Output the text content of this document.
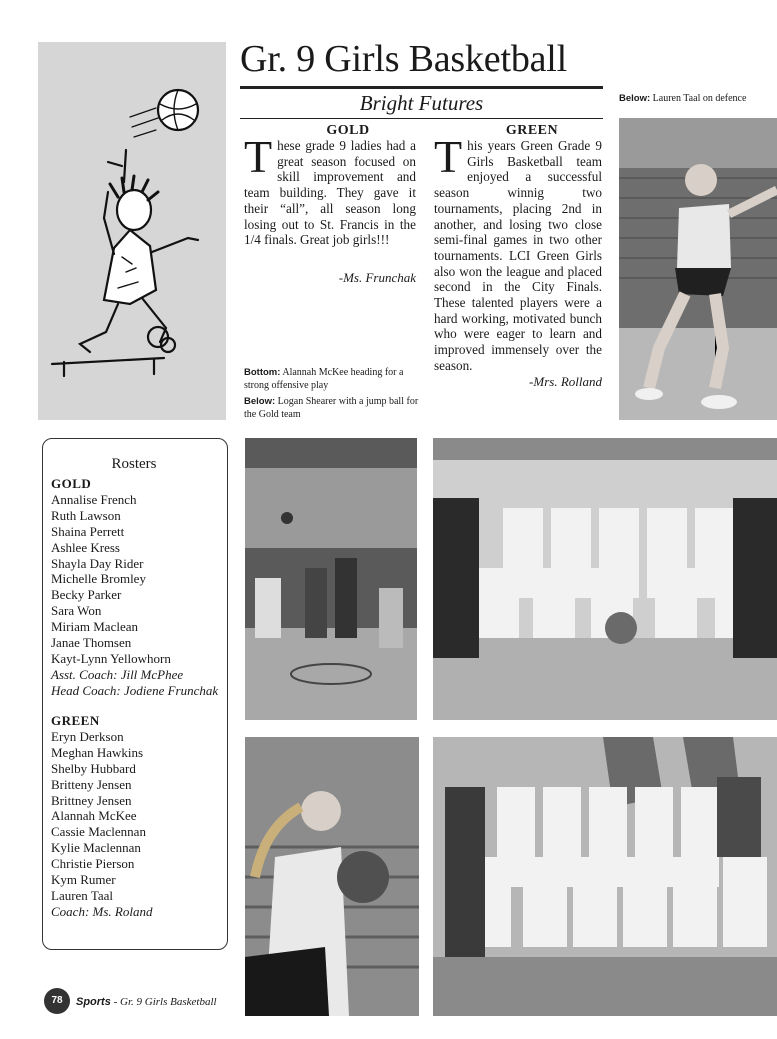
Gr. 9 Girls Basketball
Bright Futures
GOLD
These grade 9 ladies had a great season focused on skill improvement and team building. They gave it their “all”, all season long losing out to St. Francis in the 1/4 finals. Great job girls!!!
-Ms. Frunchak
GREEN
This years Green Grade 9 Girls Basketball team enjoyed a successful season winnig two tournaments, placing 2nd in another, and losing two close semi-final games in two other tournaments. LCI Green Girls also won the league and placed second in the City Finals. These talented players were a hard working, motivated bunch who were eager to learn and improved immensely over the season.
-Mrs. Rolland
Below: Lauren Taal on defence
Bottom: Alannah McKee heading for a strong offensive play
Below: Logan Shearer with a jump ball for the Gold team
Rosters
GOLD
Annalise French
Ruth Lawson
Shaina Perrett
Ashlee Kress
Shayla Day Rider
Michelle Bromley
Becky Parker
Sara Won
Miriam Maclean
Janae Thomsen
Kayt-Lynn Yellowhorn
Asst. Coach: Jill McPhee
Head Coach: Jodiene Frunchak
GREEN
Eryn Derkson
Meghan Hawkins
Shelby Hubbard
Britteny Jensen
Brittney Jensen
Alannah McKee
Cassie Maclennan
Kylie Maclennan
Christie Pierson
Kym Rumer
Lauren Taal
Coach: Ms. Roland
78	Sports - Gr. 9 Girls Basketball
